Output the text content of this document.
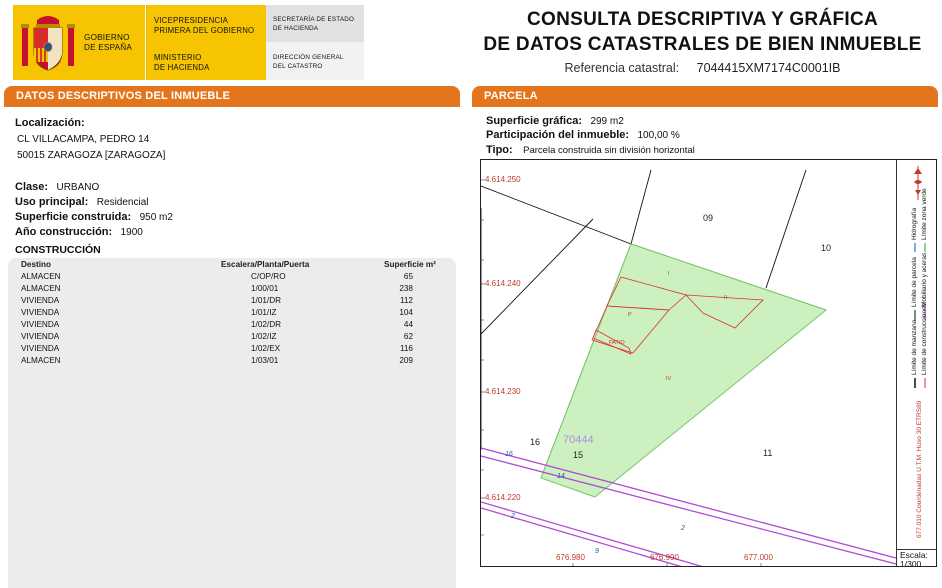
GOBIERNO
DE ESPAÑA
VICEPRESIDENCIA
PRIMERA DEL GOBIERNO
MINISTERIO
DE HACIENDA
SECRETARÍA DE ESTADO
DE HACIENDA
DIRECCIÓN GENERAL
DEL CATASTRO
CONSULTA DESCRIPTIVA Y GRÁFICA
DE DATOS CATASTRALES DE BIEN INMUEBLE
Referencia catastral: 7044415XM7174C0001IB
DATOS DESCRIPTIVOS DEL INMUEBLE
Localización:
CL VILLACAMPA, PEDRO 14
50015 ZARAGOZA [ZARAGOZA]
Clase: URBANO
Uso principal: Residencial
Superficie construida: 950 m2
Año construcción: 1900
CONSTRUCCIÓN
Destino	Escalera/Planta/Puerta	Superficie m²
ALMACEN	C/OP/RO	65
ALMACEN	1/00/01	238
VIVIENDA	1/01/DR	112
VIVIENDA	1/01/IZ	104
VIVIENDA	1/02/DR	44
VIVIENDA	1/02/IZ	62
VIVIENDA	1/02/EX	116
ALMACEN	1/03/01	209
PARCELA
Superficie gráfica: 299 m2
Participación del inmueble: 100,00 %
Tipo: Parcela construida sin división horizontal
4.614.250
4.614.240
4.614.230
4.614.220
676.980	676.990	677.000
09
10
11
15
16 70444
I
II
P
PATIO
IV
16
14
2
2
9
Hidrografía Límite zona verde
Límite de parcela Mobiliario y aceras
Límite de manzana Límite de construcciones
677.010 Coordenadas U.T.M. Huso 30 ETRS89
Escala:
1/300
